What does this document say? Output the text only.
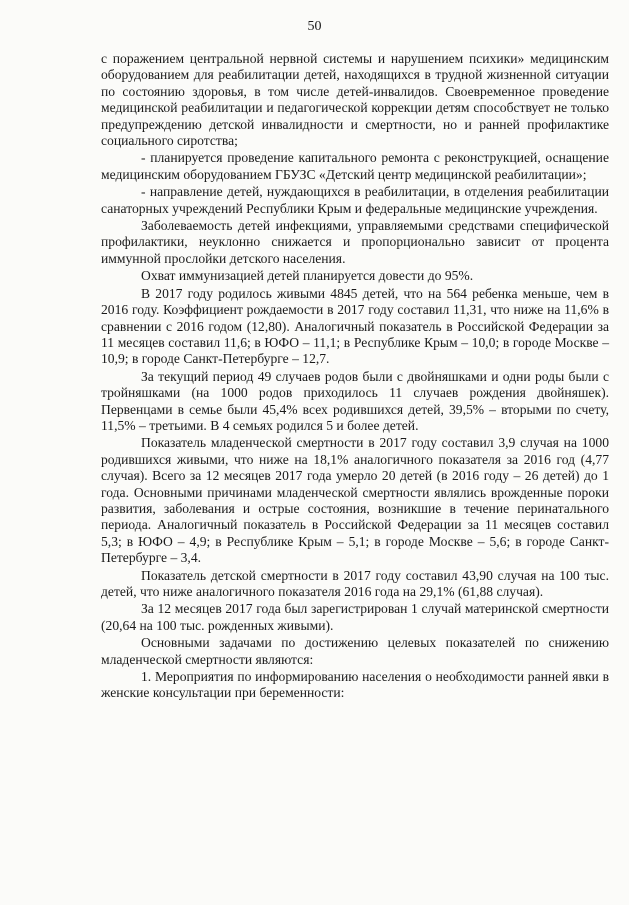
50

с поражением центральной нервной системы и нарушением психики» медицинским оборудованием для реабилитации детей, находящихся в трудной жизненной ситуации по состоянию здоровья, в том числе детей-инвалидов. Своевременное проведение медицинской реабилитации и педагогической коррекции детям способствует не только предупреждению детской инвалидности и смертности, но и ранней профилактике социального сиротства;

- планируется проведение капитального ремонта с реконструкцией, оснащение медицинским оборудованием ГБУЗС «Детский центр медицинской реабилитации»;

- направление детей, нуждающихся в реабилитации, в отделения реабилитации санаторных учреждений Республики Крым и федеральные медицинские учреждения.

Заболеваемость детей инфекциями, управляемыми средствами специфической профилактики, неуклонно снижается и пропорционально зависит от процента иммунной прослойки детского населения.

Охват иммунизацией детей планируется довести до 95%.

В 2017 году родилось живыми 4845 детей, что на 564 ребенка меньше, чем в 2016 году. Коэффициент рождаемости в 2017 году составил 11,31, что ниже на 11,6% в сравнении с 2016 годом (12,80). Аналогичный показатель в Российской Федерации за 11 месяцев составил 11,6; в ЮФО – 11,1; в Республике Крым – 10,0; в городе Москве – 10,9; в городе Санкт-Петербурге – 12,7.

За текущий период 49 случаев родов были с двойняшками и одни роды были с тройняшками (на 1000 родов приходилось 11 случаев рождения двойняшек). Первенцами в семье были 45,4% всех родившихся детей, 39,5% – вторыми по счету, 11,5% – третьими. В 4 семьях родился 5 и более детей.

Показатель младенческой смертности в 2017 году составил 3,9 случая на 1000 родившихся живыми, что ниже на 18,1% аналогичного показателя за 2016 год (4,77 случая). Всего за 12 месяцев 2017 года умерло 20 детей (в 2016 году – 26 детей) до 1 года. Основными причинами младенческой смертности являлись врожденные пороки развития, заболевания и острые состояния, возникшие в течение перинатального периода. Аналогичный показатель в Российской Федерации за 11 месяцев составил 5,3; в ЮФО – 4,9; в Республике Крым – 5,1; в городе Москве – 5,6; в городе Санкт-Петербурге – 3,4.

Показатель детской смертности в 2017 году составил 43,90 случая на 100 тыс. детей, что ниже аналогичного показателя 2016 года на 29,1% (61,88 случая).

За 12 месяцев 2017 года был зарегистрирован 1 случай материнской смертности (20,64 на 100 тыс. рожденных живыми).

Основными задачами по достижению целевых показателей по снижению младенческой смертности являются:

1. Мероприятия по информированию населения о необходимости ранней явки в женские консультации при беременности:
